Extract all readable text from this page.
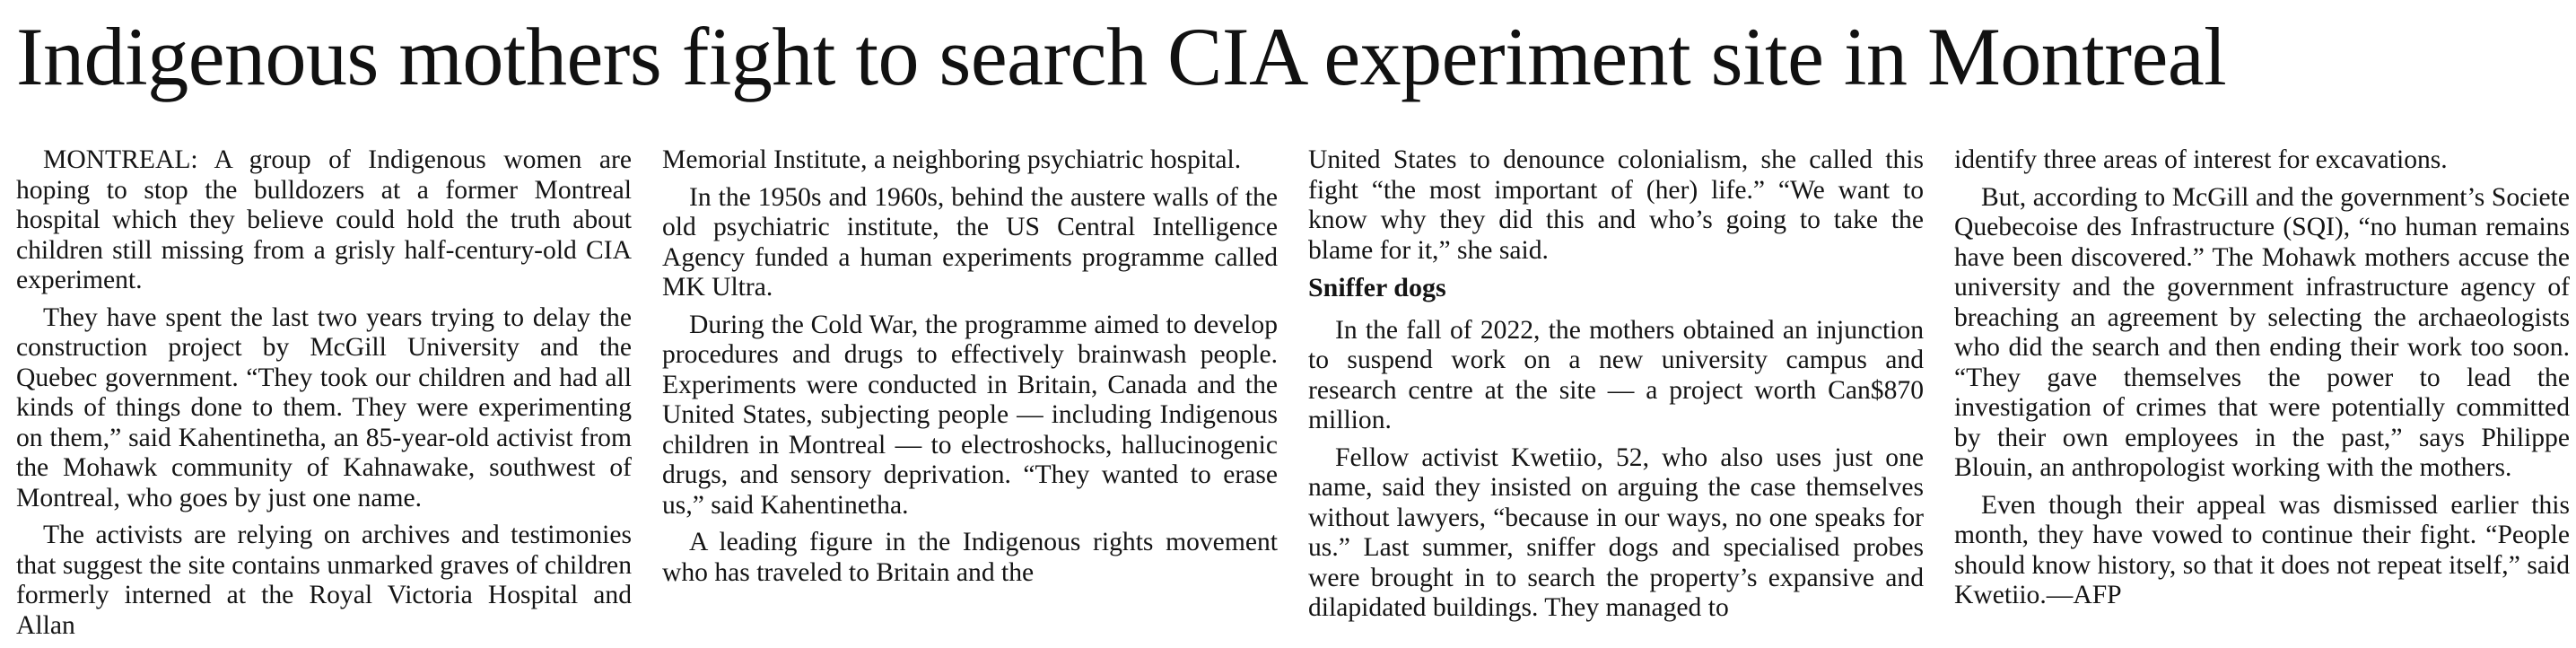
Indigenous mothers fight to search CIA experiment site in Montreal

MONTREAL: A group of Indigenous women are hoping to stop the bulldozers at a former Montreal hospital which they believe could hold the truth about children still missing from a grisly half-century-old CIA experiment.

They have spent the last two years trying to delay the construction project by McGill University and the Quebec government. “They took our children and had all kinds of things done to them. They were experimenting on them,” said Kahentinetha, an 85-year-old activist from the Mohawk community of Kahnawake, southwest of Montreal, who goes by just one name.

The activists are relying on archives and testimonies that suggest the site contains unmarked graves of children formerly interned at the Royal Victoria Hospital and Allan

Memorial Institute, a neighboring psychiatric hospital.

In the 1950s and 1960s, behind the austere walls of the old psychiatric institute, the US Central Intelligence Agency funded a human experiments programme called MK Ultra.

During the Cold War, the programme aimed to develop procedures and drugs to effectively brainwash people. Experiments were conducted in Britain, Canada and the United States, subjecting people — including Indigenous children in Montreal — to electroshocks, hallucinogenic drugs, and sensory deprivation. “They wanted to erase us,” said Kahentinetha.

A leading figure in the Indigenous rights movement who has traveled to Britain and the

United States to denounce colonialism, she called this fight “the most important of (her) life.” “We want to know why they did this and who’s going to take the blame for it,” she said.

Sniffer dogs

In the fall of 2022, the mothers obtained an injunction to suspend work on a new university campus and research centre at the site — a project worth Can$870 million.

Fellow activist Kwetiio, 52, who also uses just one name, said they insisted on arguing the case themselves without lawyers, “because in our ways, no one speaks for us.” Last summer, sniffer dogs and specialised probes were brought in to search the property’s expansive and dilapidated buildings. They managed to

identify three areas of interest for excavations.

But, according to McGill and the government’s Societe Quebecoise des Infrastructure (SQI), “no human remains have been discovered.” The Mohawk mothers accuse the university and the government infrastructure agency of breaching an agreement by selecting the archaeologists who did the search and then ending their work too soon. “They gave themselves the power to lead the investigation of crimes that were potentially committed by their own employees in the past,” says Philippe Blouin, an anthropologist working with the mothers.

Even though their appeal was dismissed earlier this month, they have vowed to continue their fight. “People should know history, so that it does not repeat itself,” said Kwetiio.—AFP
